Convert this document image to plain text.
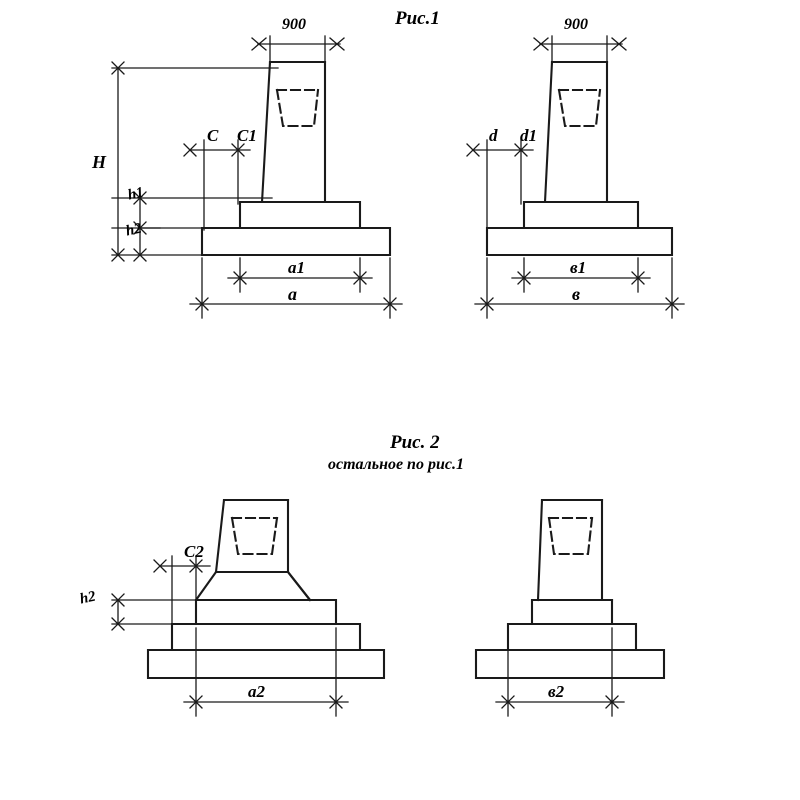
Рис.1
Рис. 2
остальное по рис.1
900
H
h1
h2
C C1
a1
a
900
d d1
в1
в
C2
h2
a2	в2
